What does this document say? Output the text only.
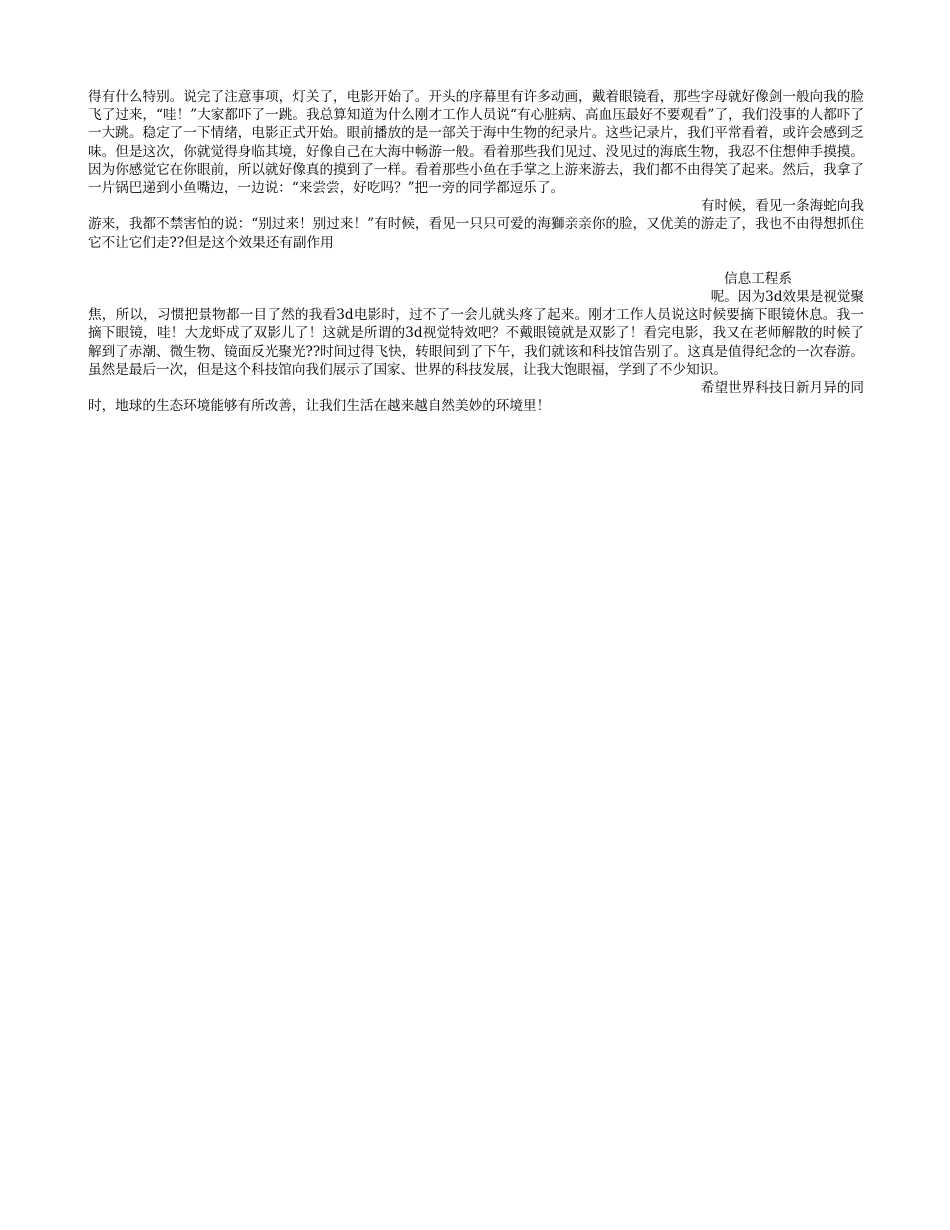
得有什么特别。说完了注意事项，灯关了，电影开始了。开头的序幕里有许多动画，戴着眼镜看，那些字母就好像剑一般向我的脸飞了过来，“哇！”大家都吓了一跳。我总算知道为什么刚才工作人员说“有心脏病、高血压最好不要观看”了，我们没事的人都吓了一大跳。稳定了一下情绪，电影正式开始。眼前播放的是一部关于海中生物的纪录片。这些记录片，我们平常看着，或许会感到乏味。但是这次，你就觉得身临其境，好像自己在大海中畅游一般。看着那些我们见过、没见过的海底生物，我忍不住想伸手摸摸。因为你感觉它在你眼前，所以就好像真的摸到了一样。看着那些小鱼在手掌之上游来游去，我们都不由得笑了起来。然后，我拿了一片锅巴递到小鱼嘴边，一边说：“来尝尝，好吃吗？”把一旁的同学都逗乐了。

有时候，看见一条海蛇向我

游来，我都不禁害怕的说：“别过来！别过来！”有时候，看见一只只可爱的海獅亲亲你的脸，又优美的游走了，我也不由得想抓住它不让它们走??但是这个效果还有副作用

信息工程系

呢。因为3d效果是视觉聚

焦，所以，习惯把景物都一目了然的我看3d电影时，过不了一会儿就头疼了起来。刚才工作人员说这时候要摘下眼镜休息。我一摘下眼镜，哇！大龙虾成了双影儿了！这就是所谓的3d视觉特效吧？不戴眼镜就是双影了！看完电影，我又在老师解散的时候了解到了赤潮、微生物、镜面反光聚光??时间过得飞快，转眼间到了下午，我们就该和科技馆告别了。这真是值得纪念的一次春游。虽然是最后一次，但是这个科技馆向我们展示了国家、世界的科技发展，让我大饱眼福，学到了不少知识。

希望世界科技日新月异的同

时，地球的生态环境能够有所改善，让我们生活在越来越自然美妙的环境里！
